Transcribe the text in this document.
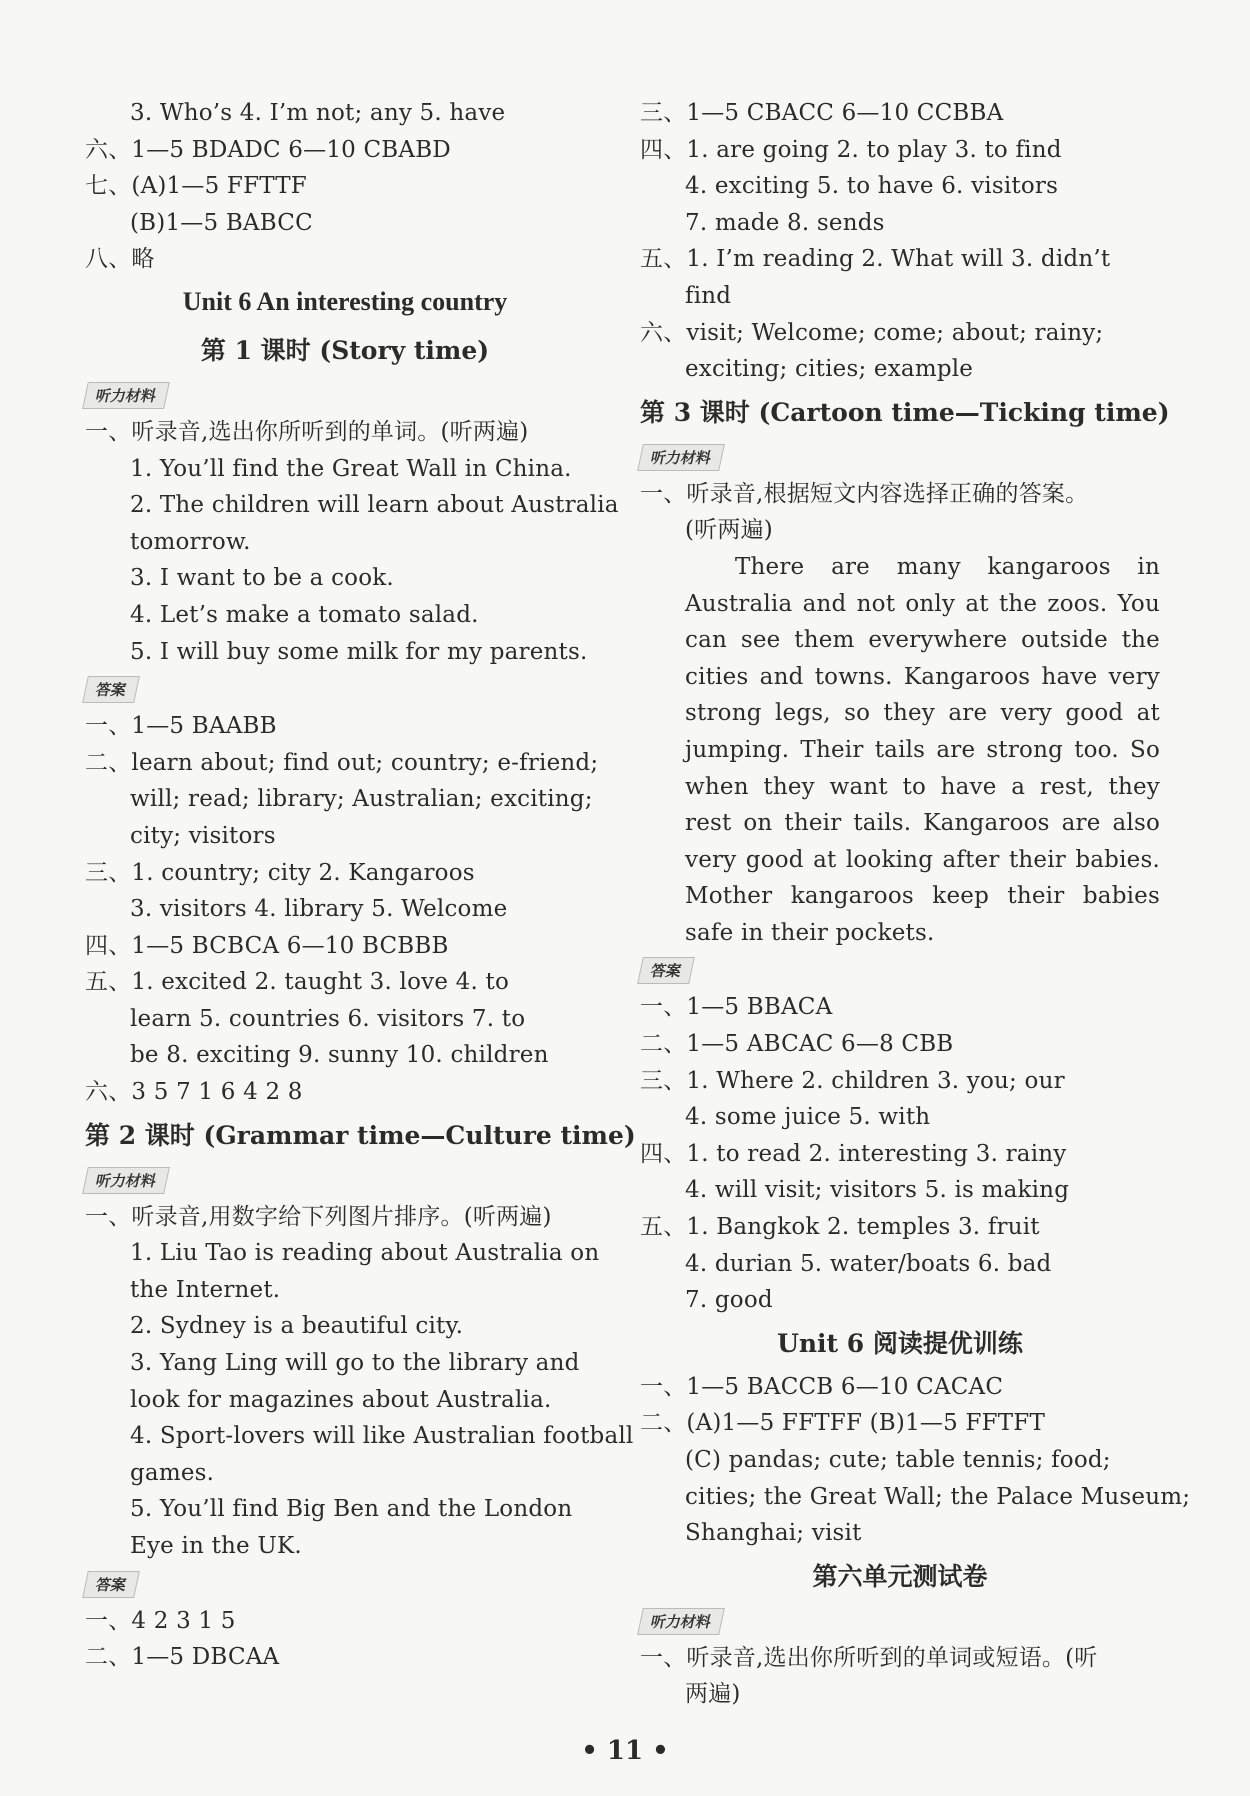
3. Who’s 4. I’m not; any 5. have
六、1—5 BDADC 6—10 CBABD
七、(A)1—5 FFTTF
(B)1—5 BABCC
八、略
Unit 6 An interesting country
第 1 课时 (Story time)
听力材料
一、听录音,选出你所听到的单词。(听两遍)
1. You’ll find the Great Wall in China.
2. The children will learn about Australia
tomorrow.
3. I want to be a cook.
4. Let’s make a tomato salad.
5. I will buy some milk for my parents.
答案
一、1—5 BAABB
二、learn about; find out; country; e-friend;
will; read; library; Australian; exciting;
city; visitors
三、1. country; city 2. Kangaroos
3. visitors 4. library 5. Welcome
四、1—5 BCBCA 6—10 BCBBB
五、1. excited 2. taught 3. love 4. to
learn 5. countries 6. visitors 7. to
be 8. exciting 9. sunny 10. children
六、3 5 7 1 6 4 2 8
第 2 课时 (Grammar time—Culture time)
听力材料
一、听录音,用数字给下列图片排序。(听两遍)
1. Liu Tao is reading about Australia on
the Internet.
2. Sydney is a beautiful city.
3. Yang Ling will go to the library and
look for magazines about Australia.
4. Sport-lovers will like Australian football
games.
5. You’ll find Big Ben and the London
Eye in the UK.
答案
一、4 2 3 1 5
二、1—5 DBCAA
三、1—5 CBACC 6—10 CCBBA
四、1. are going 2. to play 3. to find
4. exciting 5. to have 6. visitors
7. made 8. sends
五、1. I’m reading 2. What will 3. didn’t
find
六、visit; Welcome; come; about; rainy;
exciting; cities; example
第 3 课时 (Cartoon time—Ticking time)
听力材料
一、听录音,根据短文内容选择正确的答案。
(听两遍)
There are many kangaroos in Australia and not only at the zoos. You can see them everywhere outside the cities and towns. Kangaroos have very strong legs, so they are very good at jumping. Their tails are strong too. So when they want to have a rest, they rest on their tails. Kangaroos are also very good at looking after their babies. Mother kangaroos keep their babies safe in their pockets.
答案
一、1—5 BBACA
二、1—5 ABCAC 6—8 CBB
三、1. Where 2. children 3. you; our
4. some juice 5. with
四、1. to read 2. interesting 3. rainy
4. will visit; visitors 5. is making
五、1. Bangkok 2. temples 3. fruit
4. durian 5. water/boats 6. bad
7. good
Unit 6 阅读提优训练
一、1—5 BACCB 6—10 CACAC
二、(A)1—5 FFTFF (B)1—5 FFTFT
(C) pandas; cute; table tennis; food;
cities; the Great Wall; the Palace Museum;
Shanghai; visit
第六单元测试卷
听力材料
一、听录音,选出你所听到的单词或短语。(听
两遍)
• 11 •
